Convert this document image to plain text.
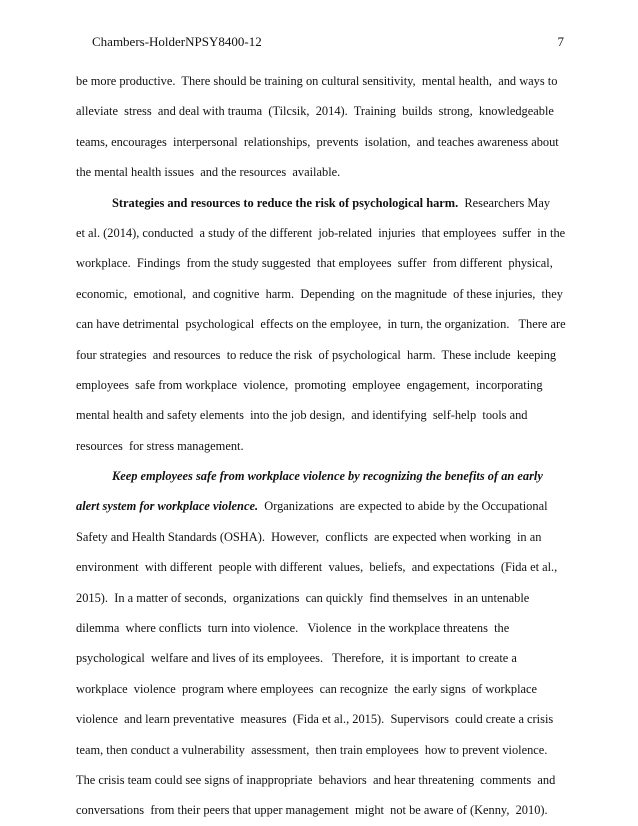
Chambers-HolderNPSY8400-12	7
be more productive.  There should be training on cultural sensitivity,  mental health,  and ways to
alleviate  stress  and deal with trauma  (Tilcsik,  2014).  Training  builds  strong,  knowledgeable
teams, encourages  interpersonal  relationships,  prevents  isolation,  and teaches awareness about
the mental health issues  and the resources  available.
Strategies and resources to reduce the risk of psychological harm.  Researchers May
et al. (2014), conducted  a study of the different  job-related  injuries  that employees  suffer  in the
workplace.  Findings  from the study suggested  that employees  suffer  from different  physical,
economic,  emotional,  and cognitive  harm.  Depending  on the magnitude  of these injuries,  they
can have detrimental  psychological  effects on the employee,  in turn, the organization.   There are
four strategies  and resources  to reduce the risk  of psychological  harm.  These include  keeping
employees  safe from workplace  violence,  promoting  employee  engagement,  incorporating
mental health and safety elements  into the job design,  and identifying  self-help  tools and
resources  for stress management.
Keep employees safe from workplace violence by recognizing the benefits of an early
alert system for workplace violence.  Organizations  are expected to abide by the Occupational
Safety and Health Standards (OSHA).  However,  conflicts  are expected when working  in an
environment  with different  people with different  values,  beliefs,  and expectations  (Fida et al.,
2015).  In a matter of seconds,  organizations  can quickly  find themselves  in an untenable
dilemma  where conflicts  turn into violence.   Violence  in the workplace threatens  the
psychological  welfare and lives of its employees.   Therefore,  it is important  to create a
workplace  violence  program where employees  can recognize  the early signs  of workplace
violence  and learn preventative  measures  (Fida et al., 2015).  Supervisors  could create a crisis
team, then conduct a vulnerability  assessment,  then train employees  how to prevent violence.
The crisis team could see signs of inappropriate  behaviors  and hear threatening  comments  and
conversations  from their peers that upper management  might  not be aware of (Kenny,  2010).
